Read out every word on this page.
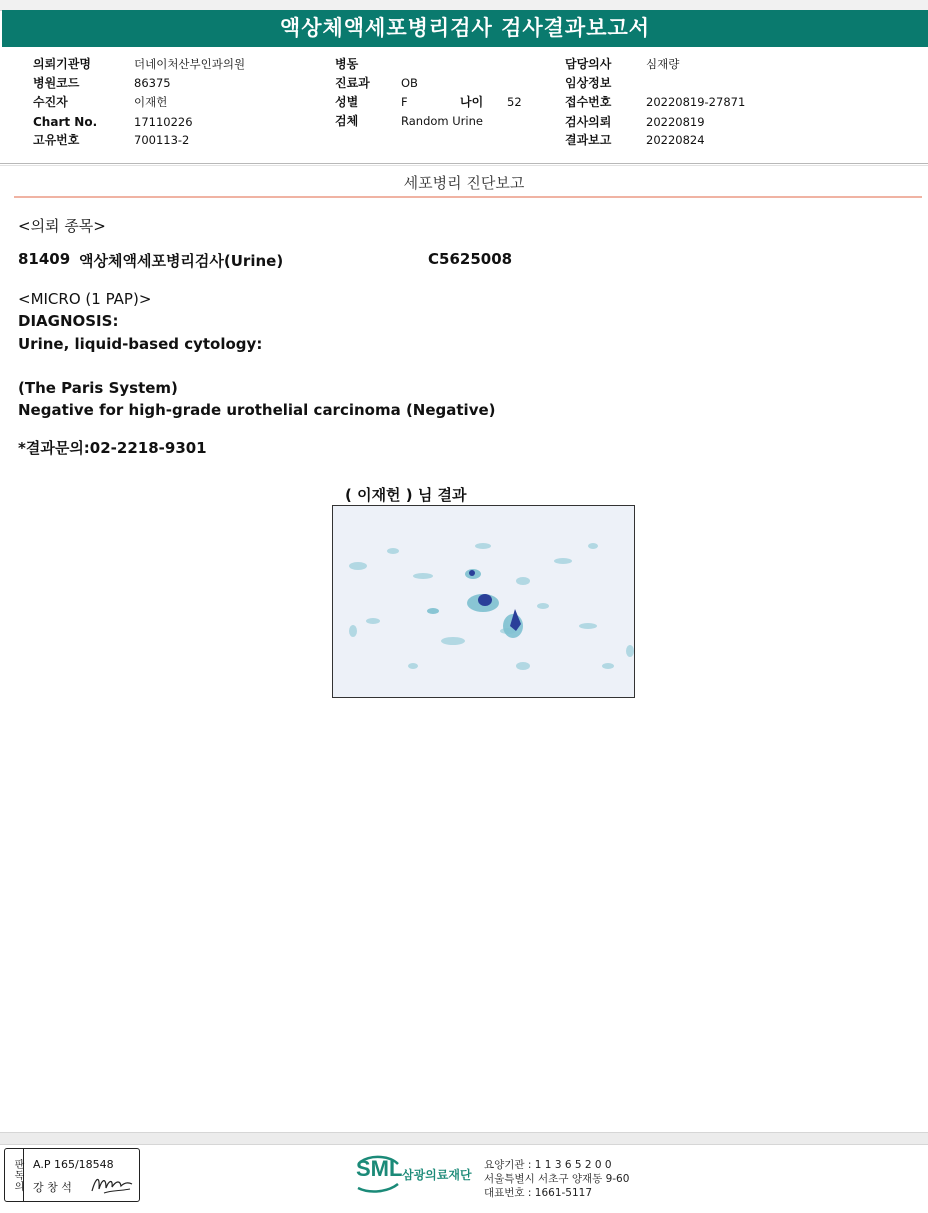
액상체액세포병리검사 검사결과보고서
의뢰기관명	더네이처산부인과의원
병원코드	86375
수진자	이재헌
Chart No.	17110226
고유번호	700113-2
병동
진료과	OB
성별	F	나이 52
검체	Random Urine
담당의사	심재량
임상정보
접수번호	20220819-27871
검사의뢰	20220819
결과보고	20220824
세포병리 진단보고
<의뢰 종목>
81409 액상체액세포병리검사(Urine)	C5625008
<MICRO (1 PAP)>
DIAGNOSIS:
Urine, liquid-based cytology:
(The Paris System)
Negative for high-grade urothelial carcinoma (Negative)
*결과문의:02-2218-9301
( 이재헌 ) 님 결과
판독의 A.P 165/18548
강 창 석
SML 삼광의료재단
요양기관 : 1 1 3 6 5 2 0 0
서울특별시 서초구 양재동 9-60
대표번호 : 1661-5117
